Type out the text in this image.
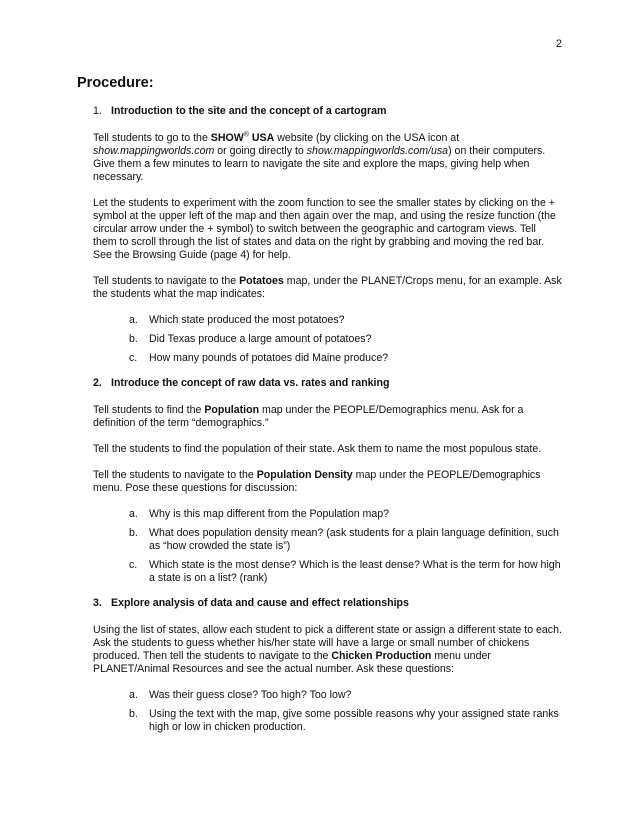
2
Procedure:
1. Introduction to the site and the concept of a cartogram

Tell students to go to the SHOW® USA website (by clicking on the USA icon at show.mappingworlds.com or going directly to show.mappingworlds.com/usa) on their computers. Give them a few minutes to learn to navigate the site and explore the maps, giving help when necessary.

Let the students to experiment with the zoom function to see the smaller states by clicking on the + symbol at the upper left of the map and then again over the map, and using the resize function (the circular arrow under the + symbol) to switch between the geographic and cartogram views. Tell them to scroll through the list of states and data on the right by grabbing and moving the red bar. See the Browsing Guide (page 4) for help.

Tell students to navigate to the Potatoes map, under the PLANET/Crops menu, for an example. Ask the students what the map indicates:

a. Which state produced the most potatoes?
b. Did Texas produce a large amount of potatoes?
c. How many pounds of potatoes did Maine produce?
2. Introduce the concept of raw data vs. rates and ranking

Tell students to find the Population map under the PEOPLE/Demographics menu. Ask for a definition of the term “demographics.”

Tell the students to find the population of their state. Ask them to name the most populous state.

Tell the students to navigate to the Population Density map under the PEOPLE/Demographics menu. Pose these questions for discussion:

a. Why is this map different from the Population map?
b. What does population density mean? (ask students for a plain language definition, such as “how crowded the state is”)
c. Which state is the most dense? Which is the least dense? What is the term for how high a state is on a list? (rank)
3. Explore analysis of data and cause and effect relationships

Using the list of states, allow each student to pick a different state or assign a different state to each. Ask the students to guess whether his/her state will have a large or small number of chickens produced. Then tell the students to navigate to the Chicken Production menu under PLANET/Animal Resources and see the actual number. Ask these questions:

a. Was their guess close? Too high? Too low?
b. Using the text with the map, give some possible reasons why your assigned state ranks high or low in chicken production.
